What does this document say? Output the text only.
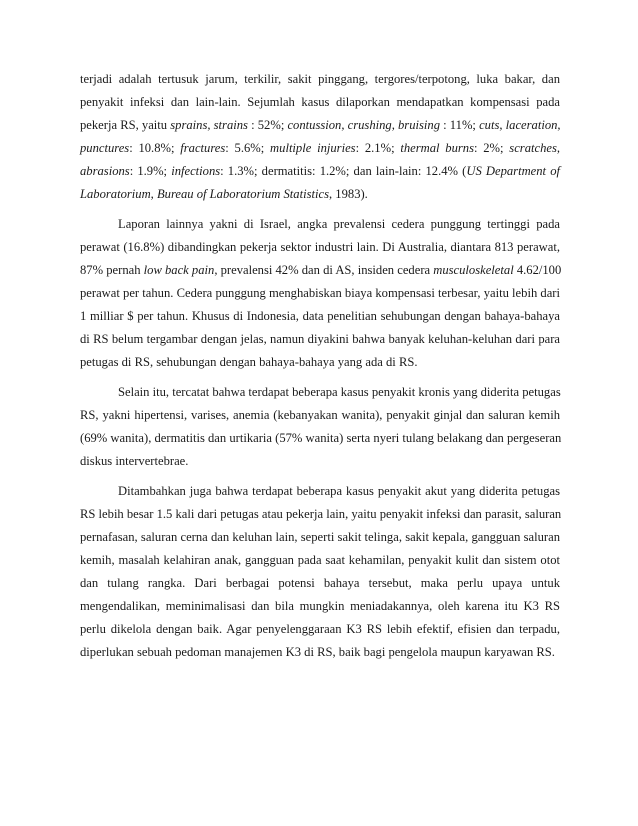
terjadi adalah tertusuk jarum, terkilir, sakit pinggang, tergores/terpotong, luka bakar, dan
penyakit infeksi dan lain-lain. Sejumlah kasus dilaporkan mendapatkan kompensasi pada
pekerja RS, yaitu sprains, strains : 52%; contussion, crushing, bruising : 11%; cuts, laceration,
punctures: 10.8%; fractures: 5.6%; multiple injuries: 2.1%; thermal burns: 2%; scratches,
abrasions: 1.9%; infections: 1.3%; dermatitis: 1.2%; dan lain-lain: 12.4% (US Department of
Laboratorium, Bureau of Laboratorium Statistics, 1983).

Laporan lainnya yakni di Israel, angka prevalensi cedera punggung tertinggi pada
perawat (16.8%) dibandingkan pekerja sektor industri lain. Di Australia, diantara 813 perawat,
87% pernah low back pain, prevalensi 42% dan di AS, insiden cedera musculoskeletal 4.62/100
perawat per tahun. Cedera punggung menghabiskan biaya kompensasi terbesar, yaitu lebih dari
1 milliar $ per tahun. Khusus di Indonesia, data penelitian sehubungan dengan bahaya-bahaya
di RS belum tergambar dengan jelas, namun diyakini bahwa banyak keluhan-keluhan dari para
petugas di RS, sehubungan dengan bahaya-bahaya yang ada di RS.

Selain itu, tercatat bahwa terdapat beberapa kasus penyakit kronis yang diderita petugas
RS, yakni hipertensi, varises, anemia (kebanyakan wanita), penyakit ginjal dan saluran kemih
(69% wanita), dermatitis dan urtikaria (57% wanita) serta nyeri tulang belakang dan pergeseran
diskus intervertebrae.

Ditambahkan juga bahwa terdapat beberapa kasus penyakit akut yang diderita petugas
RS lebih besar 1.5 kali dari petugas atau pekerja lain, yaitu penyakit infeksi dan parasit, saluran
pernafasan, saluran cerna dan keluhan lain, seperti sakit telinga, sakit kepala, gangguan saluran
kemih, masalah kelahiran anak, gangguan pada saat kehamilan, penyakit kulit dan sistem otot
dan tulang rangka. Dari berbagai potensi bahaya tersebut, maka perlu upaya untuk
mengendalikan, meminimalisasi dan bila mungkin meniadakannya, oleh karena itu K3 RS
perlu dikelola dengan baik. Agar penyelenggaraan K3 RS lebih efektif, efisien dan terpadu,
diperlukan sebuah pedoman manajemen K3 di RS, baik bagi pengelola maupun karyawan RS.
